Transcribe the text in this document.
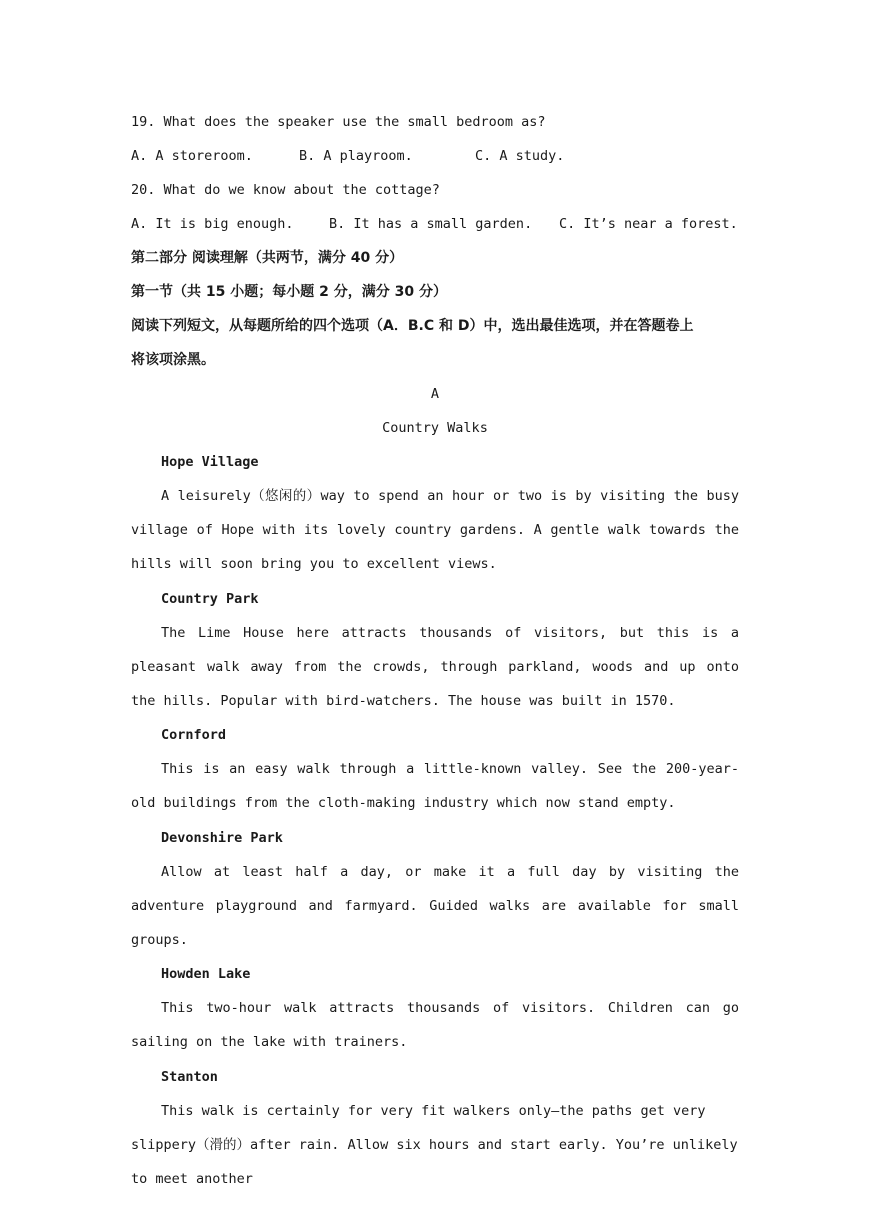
19. What does the speaker use the small bedroom as?
A. A storeroom.	B. A playroom.	C. A study.
20. What do we know about the cottage?
A. It is big enough.	B. It has a small garden.	C. It’s near a forest.
第二部分 阅读理解（共两节，满分 40 分）
第一节（共 15 小题；每小题 2 分，满分 30 分）
阅读下列短文，从每题所给的四个选项（A．B.C 和 D）中，选出最佳选项，并在答题卷上
将该项涂黑。
A
Country Walks
Hope Village

A leisurely（悠闲的）way to spend an hour or two is by visiting the busy village of Hope with its lovely country gardens. A gentle walk towards the hills will soon bring you to excellent views.

Country Park

The Lime House here attracts thousands of visitors, but this is a pleasant walk away from the crowds, through parkland, woods and up onto the hills. Popular with bird-watchers. The house was built in 1570.

Cornford

This is an easy walk through a little-known valley. See the 200-year-old buildings from the cloth-making industry which now stand empty.

Devonshire Park

Allow at least half a day, or make it a full day by visiting the adventure playground and farmyard. Guided walks are available for small groups.

Howden Lake

This two-hour walk attracts thousands of visitors. Children can go sailing on the lake with trainers.

Stanton

This walk is certainly for very fit walkers only—the paths get very slippery（滑的）after rain. Allow six hours and start early. You’re unlikely to meet another
